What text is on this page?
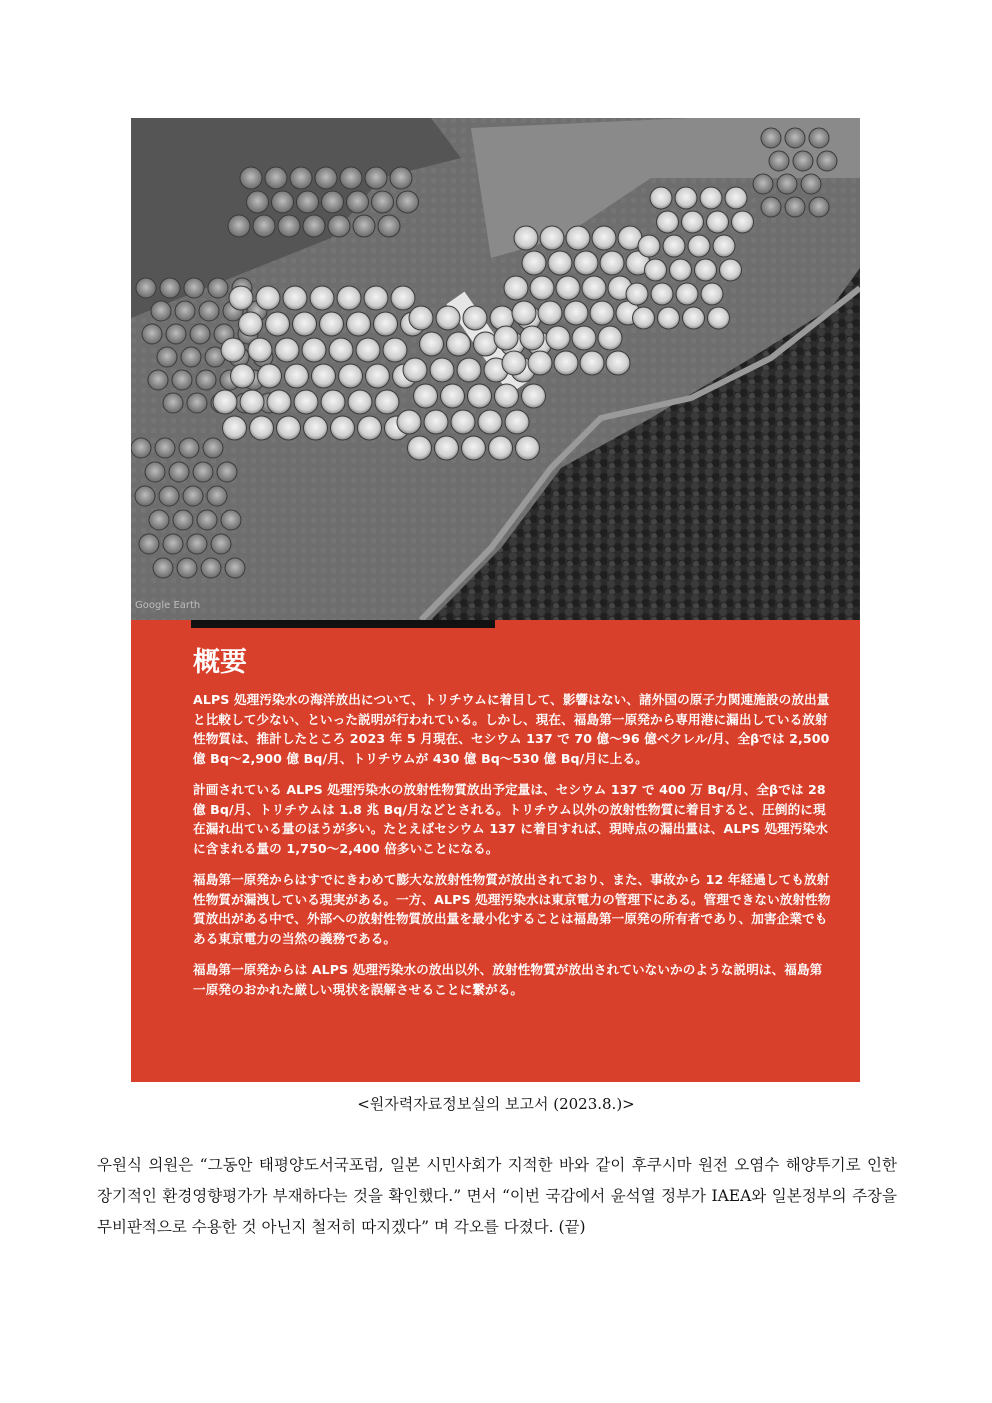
Google Earth
概要

ALPS 処理汚染水の海洋放出について、トリチウムに着目して、影響はない、諸外国の原子力関連施設の放出量と比較して少ない、といった説明が行われている。しかし、現在、福島第一原発から専用港に漏出している放射性物質は、推計したところ 2023 年 5 月現在、セシウム 137 で 70 億～96 億ベクレル/月、全βでは 2,500 億 Bq～2,900 億 Bq/月、トリチウムが 430 億 Bq～530 億 Bq/月に上る。

計画されている ALPS 処理汚染水の放射性物質放出予定量は、セシウム 137 で 400 万 Bq/月、全βでは 28 億 Bq/月、トリチウムは 1.8 兆 Bq/月などとされる。トリチウム以外の放射性物質に着目すると、圧倒的に現在漏れ出ている量のほうが多い。たとえばセシウム 137 に着目すれば、現時点の漏出量は、ALPS 処理汚染水に含まれる量の 1,750～2,400 倍多いことになる。

福島第一原発からはすでにきわめて膨大な放射性物質が放出されており、また、事故から 12 年経過しても放射性物質が漏洩している現実がある。一方、ALPS 処理汚染水は東京電力の管理下にある。管理できない放射性物質放出がある中で、外部への放射性物質放出量を最小化することは福島第一原発の所有者であり、加害企業でもある東京電力の当然の義務である。

福島第一原発からは ALPS 処理汚染水の放出以外、放射性物質が放出されていないかのような説明は、福島第一原発のおかれた厳しい現状を誤解させることに繋がる。

<원자력자료정보실의 보고서 (2023.8.)>
우원식 의원은 “그동안 태평양도서국포럼, 일본 시민사회가 지적한 바와 같이 후쿠시마 원전 오염수 해양투기로 인한 장기적인 환경영향평가가 부재하다는 것을 확인했다.” 면서 “이번 국감에서 윤석열 정부가 IAEA와 일본정부의 주장을 무비판적으로 수용한 것 아닌지 철저히 따지겠다” 며 각오를 다졌다. (끝)
